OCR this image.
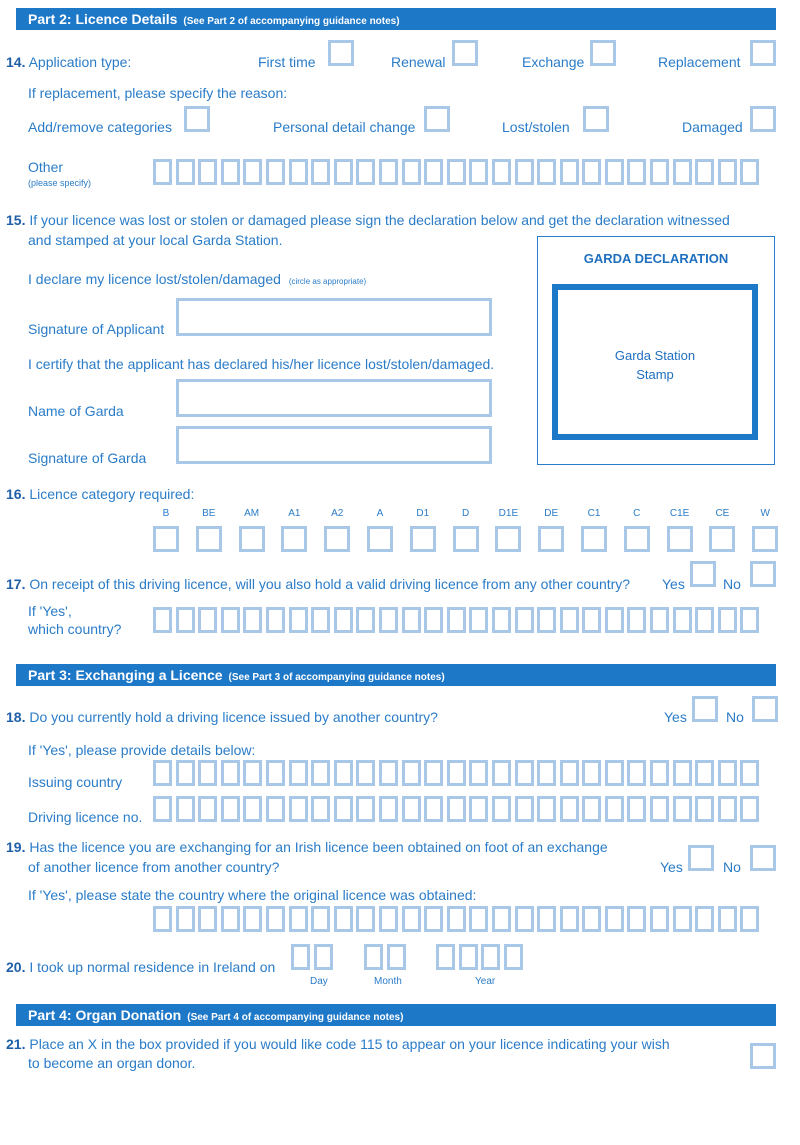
Part 2: Licence Details (See Part 2 of accompanying guidance notes)
14. Application type:	First time	Renewal	Exchange	Replacement
If replacement, please specify the reason:
Add/remove categories	Personal detail change	Lost/stolen	Damaged
Other
(please specify)
15. If your licence was lost or stolen or damaged please sign the declaration below and get the declaration witnessed
and stamped at your local Garda Station.
I declare my licence lost/stolen/damaged (circle as appropriate)
Signature of Applicant
I certify that the applicant has declared his/her licence lost/stolen/damaged.
Name of Garda
Signature of Garda
GARDA DECLARATION
Garda Station
Stamp
16. Licence category required:
B	BE	AM	A1	A2	A	D1	D	D1E	DE	C1	C	C1E	CE	W
17. On receipt of this driving licence, will you also hold a valid driving licence from any other country? Yes	No
If 'Yes',
which country?
Part 3: Exchanging a Licence (See Part 3 of accompanying guidance notes)
18. Do you currently hold a driving licence issued by another country?	Yes	No
If 'Yes', please provide details below:
Issuing country
Driving licence no.
19. Has the licence you are exchanging for an Irish licence been obtained on foot of an exchange
of another licence from another country?	Yes	No
If 'Yes', please state the country where the original licence was obtained:
20. I took up normal residence in Ireland on
Day	Month	Year
Part 4: Organ Donation (See Part 4 of accompanying guidance notes)
21. Place an X in the box provided if you would like code 115 to appear on your licence indicating your wish
to become an organ donor.
